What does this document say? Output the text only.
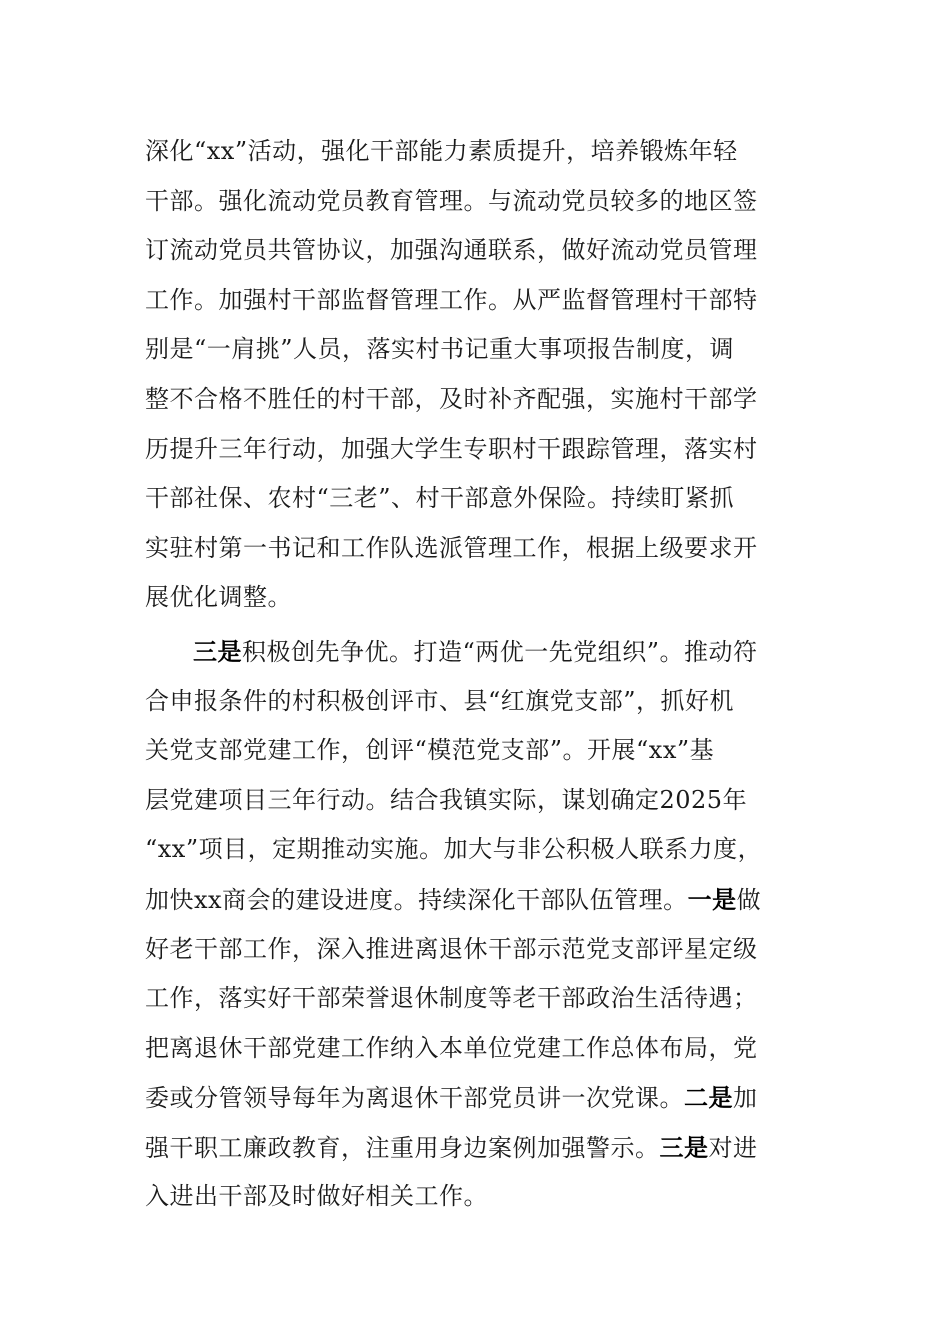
深化“xx”活动，强化干部能力素质提升，培养锻炼年轻
干部。强化流动党员教育管理。与流动党员较多的地区签
订流动党员共管协议，加强沟通联系，做好流动党员管理
工作。加强村干部监督管理工作。从严监督管理村干部特
别是“一肩挑”人员，落实村书记重大事项报告制度，调
整不合格不胜任的村干部，及时补齐配强，实施村干部学
历提升三年行动，加强大学生专职村干跟踪管理，落实村
干部社保、农村“三老”、村干部意外保险。持续盯紧抓
实驻村第一书记和工作队选派管理工作，根据上级要求开
展优化调整。
三是积极创先争优。打造“两优一先党组织”。推动符
合申报条件的村积极创评市、县“红旗党支部”，抓好机
关党支部党建工作，创评“模范党支部”。开展“xx”基
层党建项目三年行动。结合我镇实际，谋划确定2025年
“xx”项目，定期推动实施。加大与非公积极人联系力度，
加快xx商会的建设进度。持续深化干部队伍管理。一是做
好老干部工作，深入推进离退休干部示范党支部评星定级
工作，落实好干部荣誉退休制度等老干部政治生活待遇；
把离退休干部党建工作纳入本单位党建工作总体布局，党
委或分管领导每年为离退休干部党员讲一次党课。二是加
强干职工廉政教育，注重用身边案例加强警示。三是对进
入进出干部及时做好相关工作。
